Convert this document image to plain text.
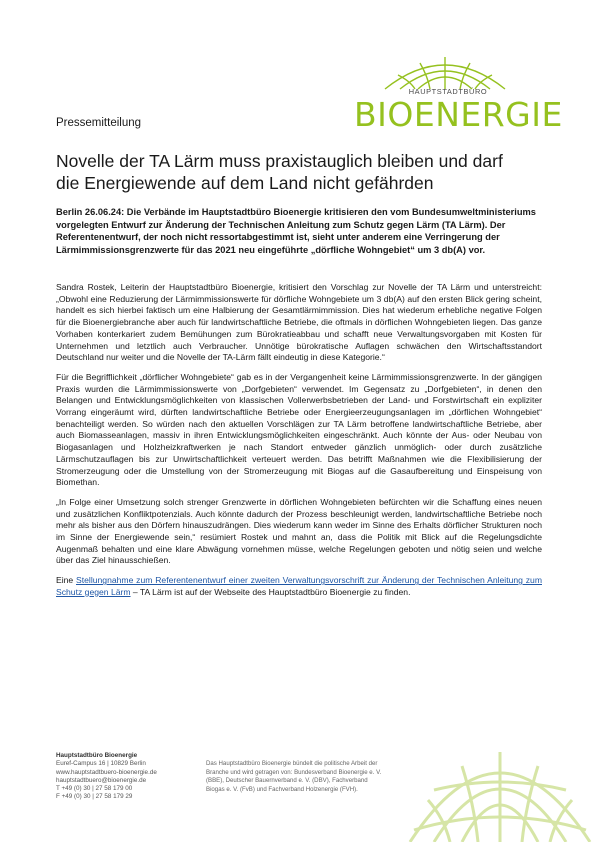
HAUPTSTADTBÜRO
BIOENERGIE
Pressemitteilung
Novelle der TA Lärm muss praxistauglich bleiben und darf
die Energiewende auf dem Land nicht gefährden

Berlin 26.06.24: Die Verbände im Hauptstadtbüro Bioenergie kritisieren den vom Bundesumweltministeriums vorgelegten Entwurf zur Änderung der Technischen Anleitung zum Schutz gegen Lärm (TA Lärm). Der Referentenentwurf, der noch nicht ressortabgestimmt ist, sieht unter anderem eine Verringerung der Lärmimmissionsgrenzwerte für das 2021 neu eingeführte „dörfliche Wohngebiet“ um 3 db(A) vor.

Sandra Rostek, Leiterin der Hauptstadtbüro Bioenergie, kritisiert den Vorschlag zur Novelle der TA Lärm und unterstreicht: „Obwohl eine Reduzierung der Lärmimmissionswerte für dörfliche Wohngebiete um 3 db(A) auf den ersten Blick gering scheint, handelt es sich hierbei faktisch um eine Halbierung der Gesamtlärmimmission. Dies hat wiederum erhebliche negative Folgen für die Bioenergiebranche aber auch für landwirtschaftliche Betriebe, die oftmals in dörflichen Wohngebieten liegen. Das ganze Vorhaben konterkariert zudem Bemühungen zum Bürokratieabbau und schafft neue Verwaltungsvorgaben mit Kosten für Unternehmen und letztlich auch Verbraucher. Unnötige bürokratische Auflagen schwächen den Wirtschaftsstandort Deutschland nur weiter und die Novelle der TA-Lärm fällt eindeutig in diese Kategorie.“

Für die Begrifflichkeit „dörflicher Wohngebiete“ gab es in der Vergangenheit keine Lärmimmissionsgrenzwerte. In der gängigen Praxis wurden die Lärmimmissionswerte von „Dorfgebieten“ verwendet. Im Gegensatz zu „Dorfgebieten“, in denen den Belangen und Entwicklungsmöglichkeiten von klassischen Vollerwerbsbetrieben der Land- und Forstwirtschaft ein expliziter Vorrang eingeräumt wird, dürften landwirtschaftliche Betriebe oder Energieerzeugungsanlagen im „dörflichen Wohngebiet“ benachteiligt werden. So würden nach den aktuellen Vorschlägen zur TA Lärm betroffene landwirtschaftliche Betriebe, aber auch Biomasseanlagen, massiv in ihren Entwicklungsmöglichkeiten eingeschränkt. Auch könnte der Aus- oder Neubau von Biogasanlagen und Holzheizkraftwerken je nach Standort entweder gänzlich unmöglich- oder durch zusätzliche Lärmschutzauflagen bis zur Unwirtschaftlichkeit verteuert werden. Das betrifft Maßnahmen wie die Flexibilisierung der Stromerzeugung oder die Umstellung von der Stromerzeugung mit Biogas auf die Gasaufbereitung und Einspeisung von Biomethan.

„In Folge einer Umsetzung solch strenger Grenzwerte in dörflichen Wohngebieten befürchten wir die Schaffung eines neuen und zusätzlichen Konfliktpotenzials. Auch könnte dadurch der Prozess beschleunigt werden, landwirtschaftliche Betriebe noch mehr als bisher aus den Dörfern hinauszudrängen. Dies wiederum kann weder im Sinne des Erhalts dörflicher Strukturen noch im Sinne der Energiewende sein,“ resümiert Rostek und mahnt an, dass die Politik mit Blick auf die Regelungsdichte Augenmaß behalten und eine klare Abwägung vornehmen müsse, welche Regelungen geboten und nötig seien und welche über das Ziel hinausschießen.

Eine Stellungnahme zum Referentenentwurf einer zweiten Verwaltungsvorschrift zur Änderung der Technischen Anleitung zum Schutz gegen Lärm – TA Lärm ist auf der Webseite des Hauptstadtbüro Bioenergie zu finden.

Hauptstadtbüro Bioenergie
Euref-Campus 16 | 10829 Berlin
www.hauptstadtbuero-bioenergie.de
hauptstadtbuero@bioenergie.de
T +49 (0) 30 | 27 58 179 00
F +49 (0) 30 | 27 58 179 29
Das Hauptstadtbüro Bioenergie bündelt die politische Arbeit der Branche und wird getragen von: Bundesverband Bioenergie e. V. (BBE), Deutscher Bauernverband e. V. (DBV), Fachverband Biogas e. V. (FvB) und Fachverband Holzenergie (FVH).
